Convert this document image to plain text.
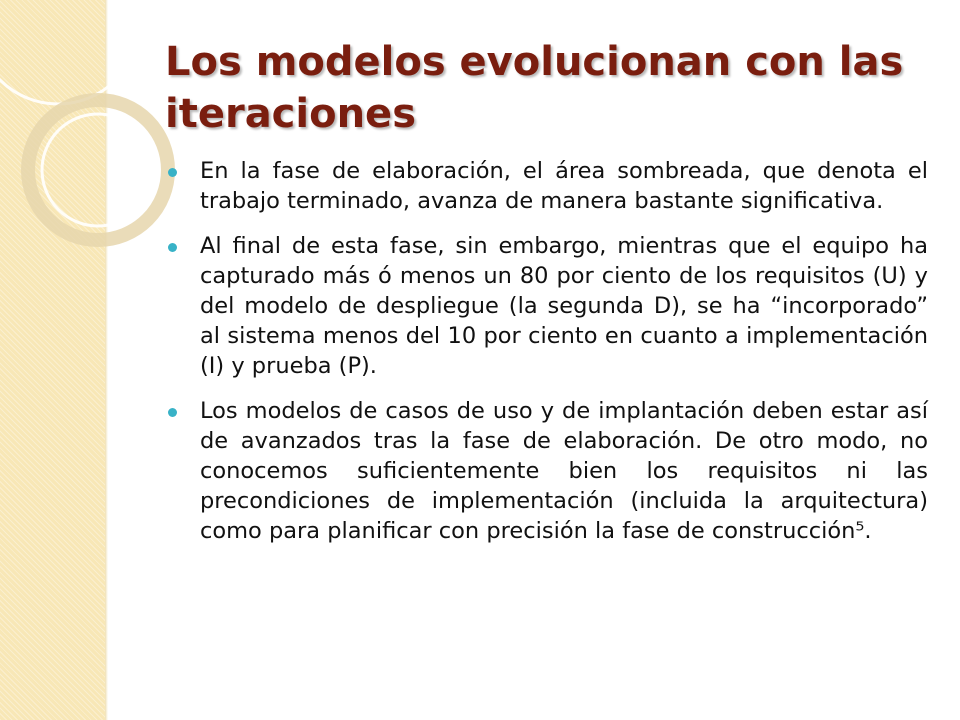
Los modelos evolucionan con las iteraciones
En la fase de elaboración, el área sombreada, que denota el trabajo terminado, avanza de manera bastante significativa.
Al final de esta fase, sin embargo, mientras que el equipo ha capturado más ó menos un 80 por ciento de los requisitos (U) y del modelo de despliegue (la segunda D), se ha “incorporado” al sistema menos del 10 por ciento en cuanto a implementación (I) y prueba (P).
Los modelos de casos de uso y de implantación deben estar así de avanzados tras la fase de elaboración. De otro modo, no conocemos suficientemente bien los requisitos ni las precondiciones de implementación (incluida la arquitectura) como para planificar con precisión la fase de construcción⁵.
